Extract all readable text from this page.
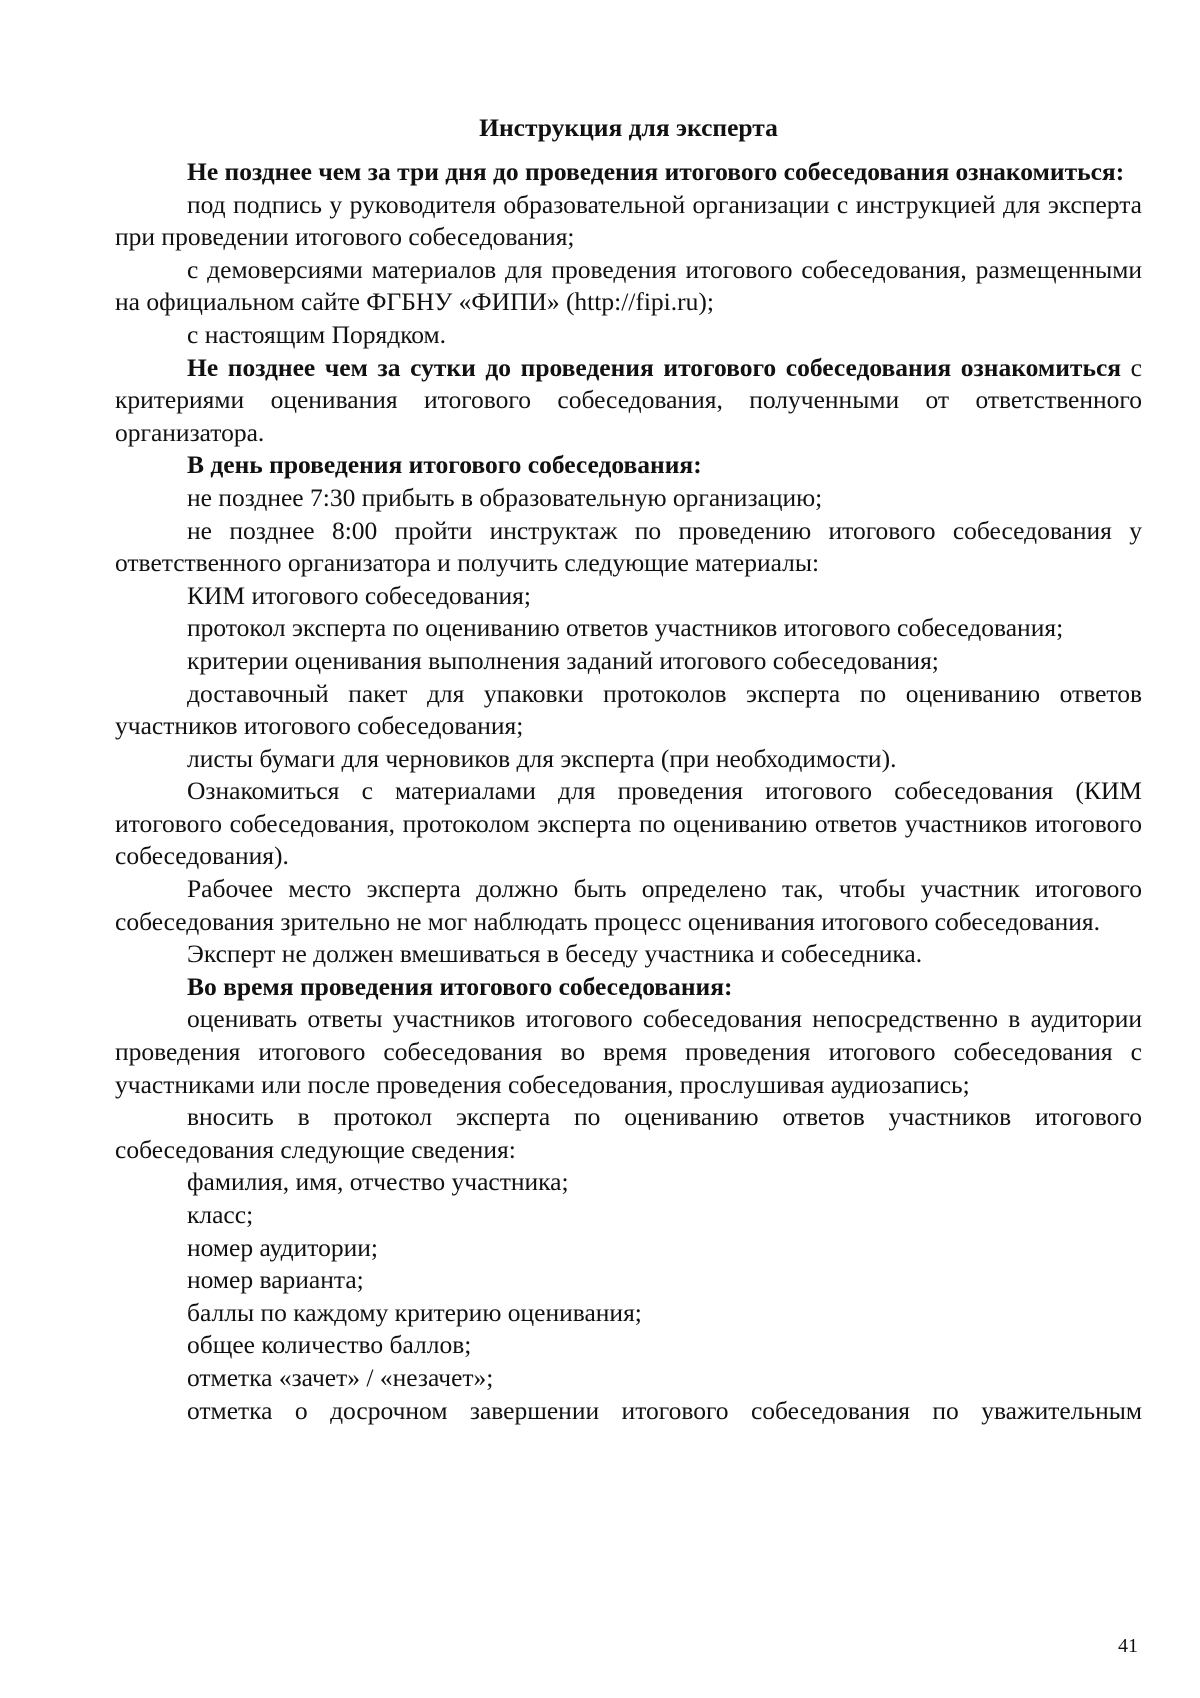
Инструкция для эксперта

Не позднее чем за три дня до проведения итогового собеседования ознакомиться:

под подпись у руководителя образовательной организации с инструкцией для эксперта при проведении итогового собеседования;

с демоверсиями материалов для проведения итогового собеседования, размещенными на официальном сайте ФГБНУ «ФИПИ» (http://fipi.ru);

с настоящим Порядком.

Не позднее чем за сутки до проведения итогового собеседования ознакомиться с критериями оценивания итогового собеседования, полученными от ответственного организатора.

В день проведения итогового собеседования:

не позднее 7:30 прибыть в образовательную организацию;

не позднее 8:00 пройти инструктаж по проведению итогового собеседования у ответственного организатора и получить следующие материалы:

КИМ итогового собеседования;

протокол эксперта по оцениванию ответов участников итогового собеседования;

критерии оценивания выполнения заданий итогового собеседования;

доставочный пакет для упаковки протоколов эксперта по оцениванию ответов участников итогового собеседования;

листы бумаги для черновиков для эксперта (при необходимости).

Ознакомиться с материалами для проведения итогового собеседования (КИМ итогового собеседования, протоколом эксперта по оцениванию ответов участников итогового собеседования).

Рабочее место эксперта должно быть определено так, чтобы участник итогового собеседования зрительно не мог наблюдать процесс оценивания итогового собеседования.

Эксперт не должен вмешиваться в беседу участника и собеседника.

Во время проведения итогового собеседования:

оценивать ответы участников итогового собеседования непосредственно в аудитории проведения итогового собеседования во время проведения итогового собеседования с участниками или после проведения собеседования, прослушивая аудиозапись;

вносить в протокол эксперта по оцениванию ответов участников итогового собеседования следующие сведения:

фамилия, имя, отчество участника;

класс;

номер аудитории;

номер варианта;

баллы по каждому критерию оценивания;

общее количество баллов;

отметка «зачет» / «незачет»;

отметка о досрочном завершении итогового собеседования по уважительным

41
